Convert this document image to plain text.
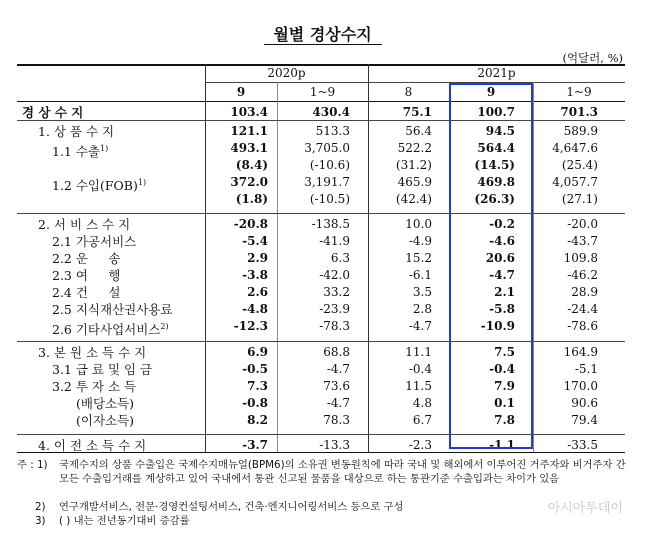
월별 경상수지
(억달러, %)
2020p	2021p
9	1~9	8	9	1~9
경 상 수 지	103.4	430.4	75.1	100.7	701.3
1. 상 품 수 지	121.1	513.3	56.4	94.5	589.9
1.1 수출$^{1)}$	493.1	3,705.0	522.2	564.4	4,647.6
(8.4)	(-10.6)	(31.2)	(14.5)	(25.4)
1.2 수입(FOB)$^{1)}$	372.0	3,191.7	465.9	469.8	4,057.7
(1.8)	(-10.5)	(42.4)	(26.3)	(27.1)
2. 서 비 스 수 지	-20.8	-138.5	10.0	-0.2	-20.0
2.1 가공서비스	-5.4	-41.9	-4.9	-4.6	-43.7
2.2 운 　 송	2.9	6.3	15.2	20.6	109.8
2.3 여 　 행	-3.8	-42.0	-6.1	-4.7	-46.2
2.4 건 　 설	2.6	33.2	3.5	2.1	28.9
2.5 지식재산권사용료	-4.8	-23.9	2.8	-5.8	-24.4
2.6 기타사업서비스$^{2)}$	-12.3	-78.3	-4.7	-10.9	-78.6
3. 본 원 소 득 수 지	6.9	68.8	11.1	7.5	164.9
3.1 급 료 및 임 금	-0.5	-4.7	-0.4	-0.4	-5.1
3.2 투 자 소 득	7.3	73.6	11.5	7.9	170.0
(배당소득)	-0.8	-4.7	4.8	0.1	90.6
(이자소득)	8.2	78.3	6.7	7.8	79.4
4. 이 전 소 득 수 지	-3.7	-13.3	-2.3	-1.1	-33.5
주 : 1)	국제수지의 상품 수출입은 국제수지매뉴얼(BPM6)의 소유권 변동원칙에 따라 국내 및 해외에서 이루어진 거주자와 비거주자 간 모든 수출입거래를 계상하고 있어 국내에서 통관 신고된 물품을 대상으로 하는 통관기준 수출입과는 차이가 있음
2) 연구개발서비스, 전문·경영컨설팅서비스, 건축·엔지니어링서비스 등으로 구성
3) ( ) 내는 전년동기대비 증감률
아시아투데이
